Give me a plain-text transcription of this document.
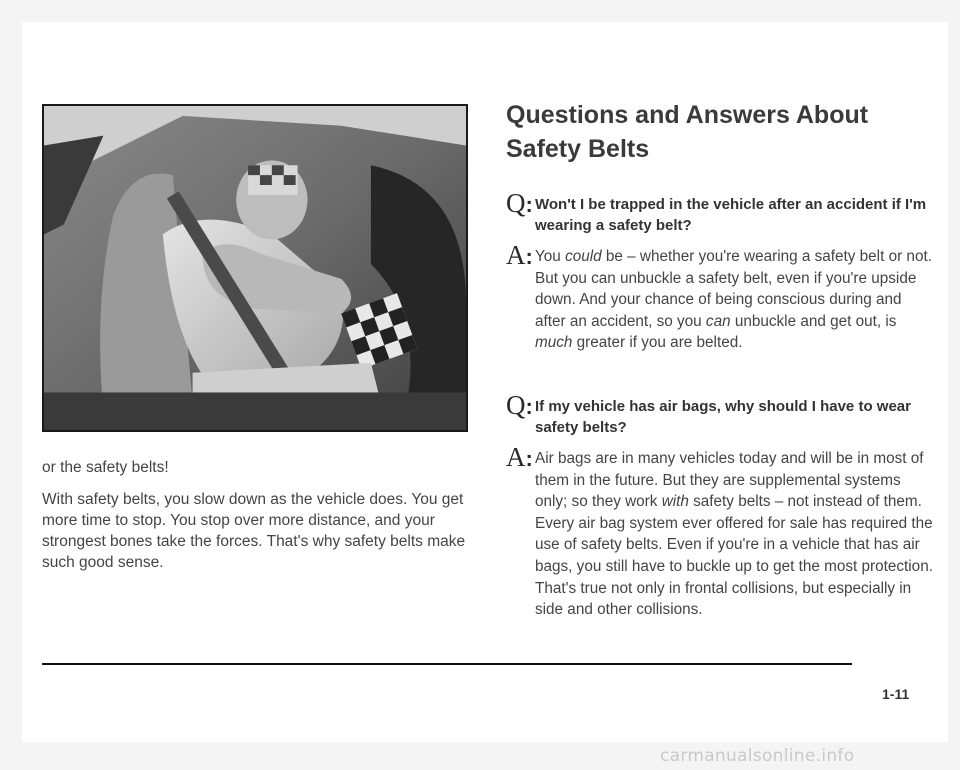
or the safety belts!

With safety belts, you slow down as the vehicle does. You get more time to stop. You stop over more distance, and your strongest bones take the forces. That's why safety belts make such good sense.

Questions and Answers About Safety Belts
Q: Won't I be trapped in the vehicle after an accident if I'm wearing a safety belt?
A: You could be – whether you're wearing a safety belt or not. But you can unbuckle a safety belt, even if you're upside down. And your chance of being conscious during and after an accident, so you can unbuckle and get out, is much greater if you are belted.
Q: If my vehicle has air bags, why should I have to wear safety belts?
A: Air bags are in many vehicles today and will be in most of them in the future. But they are supplemental systems only; so they work with safety belts – not instead of them. Every air bag system ever offered for sale has required the use of safety belts. Even if you're in a vehicle that has air bags, you still have to buckle up to get the most protection. That's true not only in frontal collisions, but especially in side and other collisions.
1-11
carmanualsonline.info
